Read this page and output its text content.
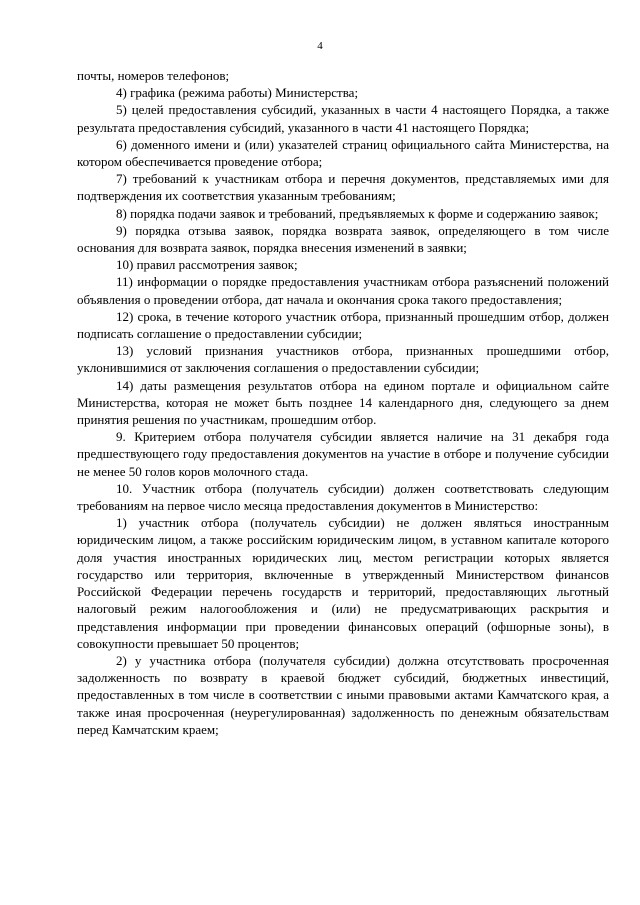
4

почты, номеров телефонов;

4) графика (режима работы) Министерства;

5) целей предоставления субсидий, указанных в части 4 настоящего Порядка, а также результата предоставления субсидий, указанного в части 41 настоящего Порядка;

6) доменного имени и (или) указателей страниц официального сайта Министерства, на котором обеспечивается проведение отбора;

7) требований к участникам отбора и перечня документов, представляемых ими для подтверждения их соответствия указанным требованиям;

8) порядка подачи заявок и требований, предъявляемых к форме и содержанию заявок;

9) порядка отзыва заявок, порядка возврата заявок, определяющего в том числе основания для возврата заявок, порядка внесения изменений в заявки;

10) правил рассмотрения заявок;

11) информации о порядке предоставления участникам отбора разъяснений положений объявления о проведении отбора, дат начала и окончания срока такого предоставления;

12) срока, в течение которого участник отбора, признанный прошедшим отбор, должен подписать соглашение о предоставлении субсидии;

13) условий признания участников отбора, признанных прошедшими отбор, уклонившимися от заключения соглашения о предоставлении субсидии;

14) даты размещения результатов отбора на едином портале и официальном сайте Министерства, которая не может быть позднее 14 календарного дня, следующего за днем принятия решения по участникам, прошедшим отбор.

9. Критерием отбора получателя субсидии является наличие на 31 декабря года предшествующего году предоставления документов на участие в отборе и получение субсидии не менее 50 голов коров молочного стада.

10. Участник отбора (получатель субсидии) должен соответствовать следующим требованиям на первое число месяца предоставления документов в Министерство:

1) участник отбора (получатель субсидии) не должен являться иностранным юридическим лицом, а также российским юридическим лицом, в уставном капитале которого доля участия иностранных юридических лиц, местом регистрации которых является государство или территория, включенные в утвержденный Министерством финансов Российской Федерации перечень государств и территорий, предоставляющих льготный налоговый режим налогообложения и (или) не предусматривающих раскрытия и представления информации при проведении финансовых операций (офшорные зоны), в совокупности превышает 50 процентов;

2) у участника отбора (получателя субсидии) должна отсутствовать просроченная задолженность по возврату в краевой бюджет субсидий, бюджетных инвестиций, предоставленных в том числе в соответствии с иными правовыми актами Камчатского края, а также иная просроченная (неурегулированная) задолженность по денежным обязательствам перед Камчатским краем;
